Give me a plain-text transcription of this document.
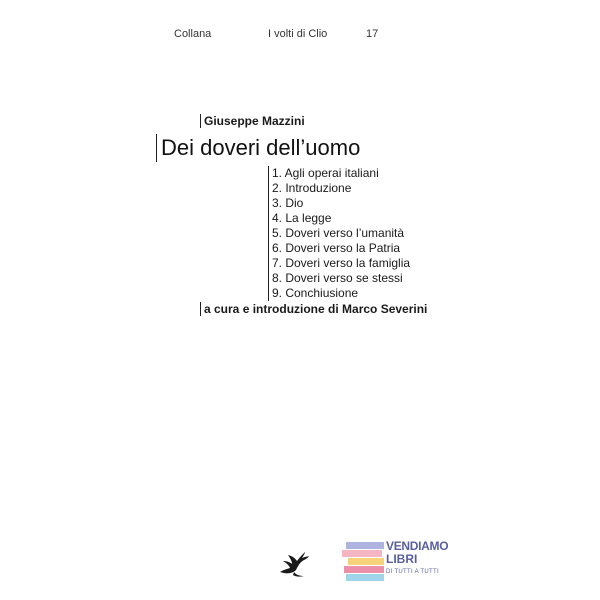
Collana	I volti di Clio	17
Giuseppe Mazzini
Dei doveri dell’uomo
1. Agli operai italiani
2. Introduzione
3. Dio
4. La legge
5. Doveri verso l’umanità
6. Doveri verso la Patria
7. Doveri verso la famiglia
8. Doveri verso se stessi
9. Conchiusione
a cura e introduzione di Marco Severini
VENDIAMO
LIBRI
DI TUTTI A TUTTI
